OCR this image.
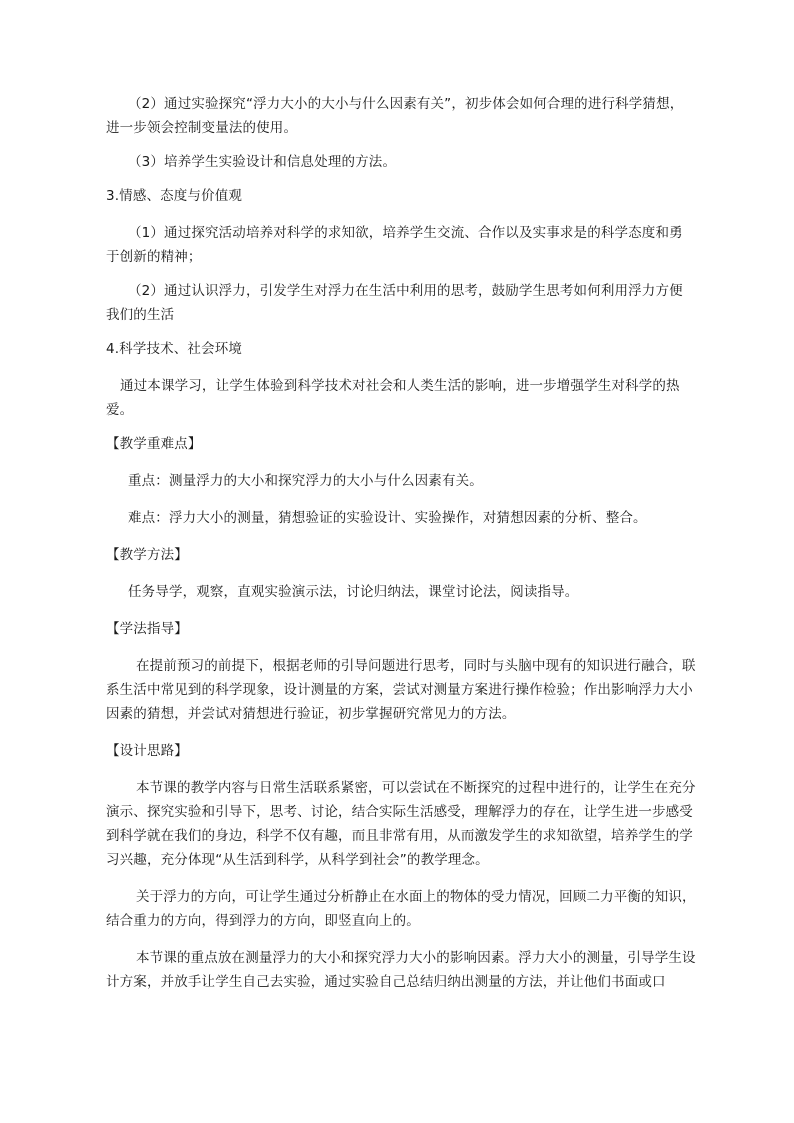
（2）通过实验探究“浮力大小的大小与什么因素有关”，初步体会如何合理的进行科学猜想，进一步领会控制变量法的使用。

（3）培养学生实验设计和信息处理的方法。

3.情感、态度与价值观

（1）通过探究活动培养对科学的求知欲，培养学生交流、合作以及实事求是的科学态度和勇于创新的精神；

（2）通过认识浮力，引发学生对浮力在生活中利用的思考，鼓励学生思考如何利用浮力方便我们的生活

4.科学技术、社会环境

通过本课学习，让学生体验到科学技术对社会和人类生活的影响，进一步增强学生对科学的热爱。

【教学重难点】

重点：测量浮力的大小和探究浮力的大小与什么因素有关。

难点：浮力大小的测量，猜想验证的实验设计、实验操作，对猜想因素的分析、整合。

【教学方法】

任务导学，观察，直观实验演示法，讨论归纳法，课堂讨论法，阅读指导。

【学法指导】

在提前预习的前提下，根据老师的引导问题进行思考，同时与头脑中现有的知识进行融合，联系生活中常见到的科学现象，设计测量的方案，尝试对测量方案进行操作检验；作出影响浮力大小因素的猜想，并尝试对猜想进行验证，初步掌握研究常见力的方法。

【设计思路】

本节课的教学内容与日常生活联系紧密，可以尝试在不断探究的过程中进行的，让学生在充分演示、探究实验和引导下，思考、讨论，结合实际生活感受，理解浮力的存在，让学生进一步感受到科学就在我们的身边，科学不仅有趣，而且非常有用，从而激发学生的求知欲望，培养学生的学习兴趣，充分体现“从生活到科学，从科学到社会”的教学理念。

关于浮力的方向，可让学生通过分析静止在水面上的物体的受力情况，回顾二力平衡的知识，结合重力的方向，得到浮力的方向，即竖直向上的。

本节课的重点放在测量浮力的大小和探究浮力大小的影响因素。浮力大小的测量，引导学生设计方案，并放手让学生自己去实验，通过实验自己总结归纳出测量的方法，并让他们书面或口
